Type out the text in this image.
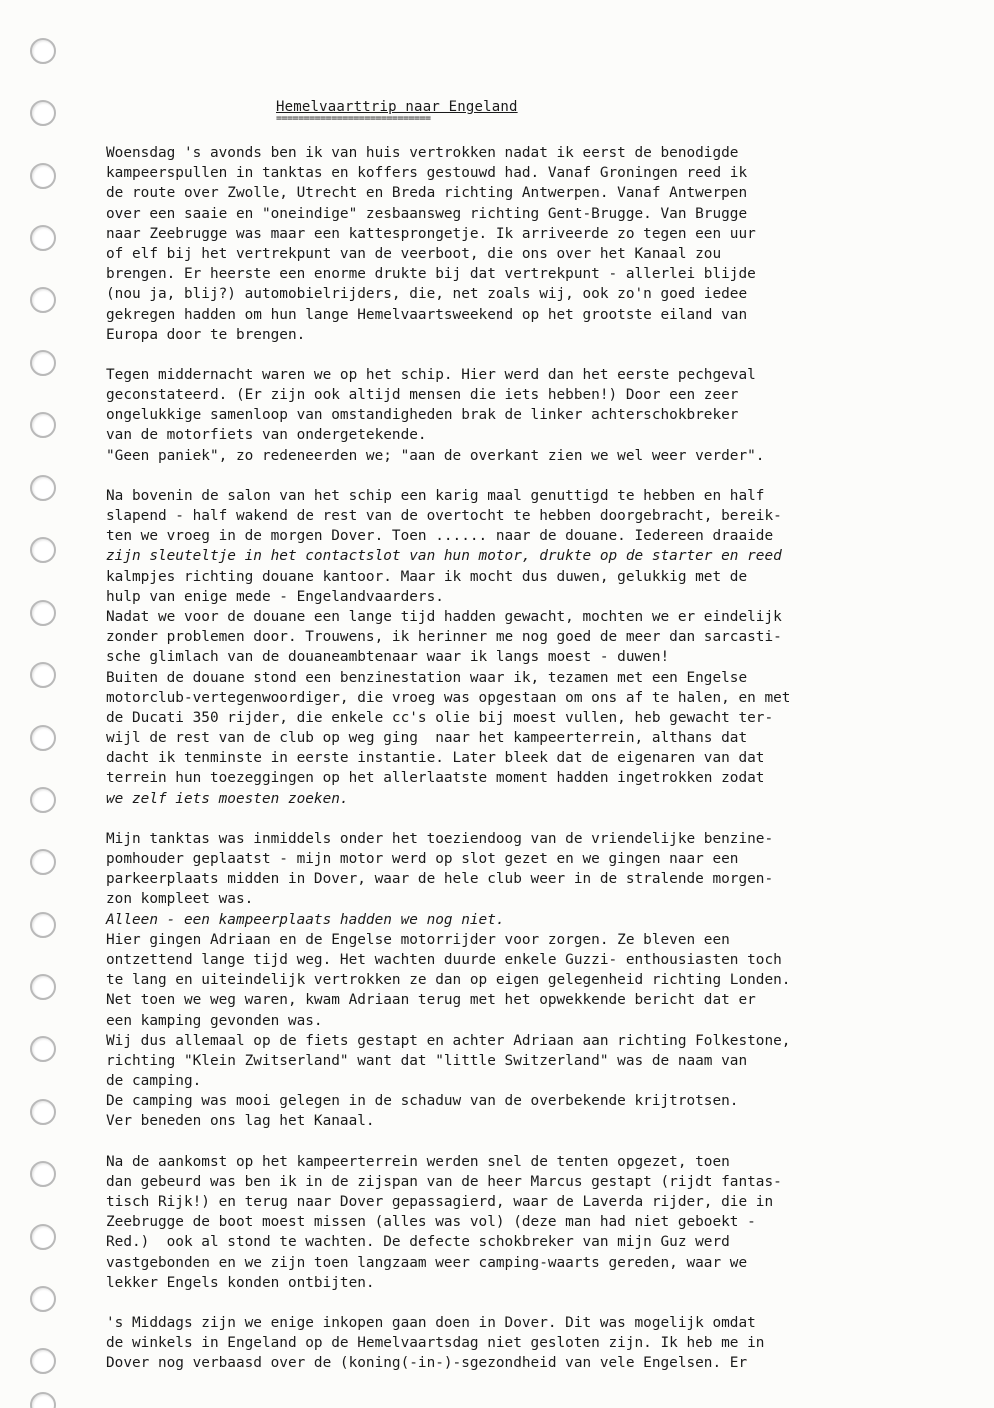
Hemelvaarttrip naar Engeland
============================
Woensdag 's avonds ben ik van huis vertrokken nadat ik eerst de benodigde
kampeerspullen in tanktas en koffers gestouwd had. Vanaf Groningen reed ik
de route over Zwolle, Utrecht en Breda richting Antwerpen. Vanaf Antwerpen
over een saaie en "oneindige" zesbaansweg richting Gent-Brugge. Van Brugge
naar Zeebrugge was maar een kattesprongetje. Ik arriveerde zo tegen een uur
of elf bij het vertrekpunt van de veerboot, die ons over het Kanaal zou
brengen. Er heerste een enorme drukte bij dat vertrekpunt - allerlei blijde
(nou ja, blij?) automobielrijders, die, net zoals wij, ook zo'n goed iedee
gekregen hadden om hun lange Hemelvaartsweekend op het grootste eiland van
Europa door te brengen.
Tegen middernacht waren we op het schip. Hier werd dan het eerste pechgeval
geconstateerd. (Er zijn ook altijd mensen die iets hebben!) Door een zeer
ongelukkige samenloop van omstandigheden brak de linker achterschokbreker
van de motorfiets van ondergetekende.
"Geen paniek", zo redeneerden we; "aan de overkant zien we wel weer verder".
Na bovenin de salon van het schip een karig maal genuttigd te hebben en half
slapend - half wakend de rest van de overtocht te hebben doorgebracht, bereik-
ten we vroeg in de morgen Dover. Toen ...... naar de douane. Iedereen draaide
zijn sleuteltje in het contactslot van hun motor, drukte op de starter en reed
kalmpjes richting douane kantoor. Maar ik mocht dus duwen, gelukkig met de
hulp van enige mede - Engelandvaarders.
Nadat we voor de douane een lange tijd hadden gewacht, mochten we er eindelijk
zonder problemen door. Trouwens, ik herinner me nog goed de meer dan sarcasti-
sche glimlach van de douaneambtenaar waar ik langs moest - duwen!
Buiten de douane stond een benzinestation waar ik, tezamen met een Engelse
motorclub-vertegenwoordiger, die vroeg was opgestaan om ons af te halen, en met
de Ducati 350 rijder, die enkele cc's olie bij moest vullen, heb gewacht ter-
wijl de rest van de club op weg ging  naar het kampeerterrein, althans dat
dacht ik tenminste in eerste instantie. Later bleek dat de eigenaren van dat
terrein hun toezeggingen op het allerlaatste moment hadden ingetrokken zodat
we zelf iets moesten zoeken.
Mijn tanktas was inmiddels onder het toeziendoog van de vriendelijke benzine-
pomhouder geplaatst - mijn motor werd op slot gezet en we gingen naar een
parkeerplaats midden in Dover, waar de hele club weer in de stralende morgen-
zon kompleet was.
Alleen - een kampeerplaats hadden we nog niet.
Hier gingen Adriaan en de Engelse motorrijder voor zorgen. Ze bleven een
ontzettend lange tijd weg. Het wachten duurde enkele Guzzi- enthousiasten toch
te lang en uiteindelijk vertrokken ze dan op eigen gelegenheid richting Londen.
Net toen we weg waren, kwam Adriaan terug met het opwekkende bericht dat er
een kamping gevonden was.
Wij dus allemaal op de fiets gestapt en achter Adriaan aan richting Folkestone,
richting "Klein Zwitserland" want dat "little Switzerland" was de naam van
de camping.
De camping was mooi gelegen in de schaduw van de overbekende krijtrotsen.
Ver beneden ons lag het Kanaal.
Na de aankomst op het kampeerterrein werden snel de tenten opgezet, toen
dan gebeurd was ben ik in de zijspan van de heer Marcus gestapt (rijdt fantas-
tisch Rijk!) en terug naar Dover gepassagierd, waar de Laverda rijder, die in
Zeebrugge de boot moest missen (alles was vol) (deze man had niet geboekt -
Red.)  ook al stond te wachten. De defecte schokbreker van mijn Guz werd
vastgebonden en we zijn toen langzaam weer camping-waarts gereden, waar we
lekker Engels konden ontbijten.
's Middags zijn we enige inkopen gaan doen in Dover. Dit was mogelijk omdat
de winkels in Engeland op de Hemelvaartsdag niet gesloten zijn. Ik heb me in
Dover nog verbaasd over de (koning(-in-)-sgezondheid van vele Engelsen. Er
